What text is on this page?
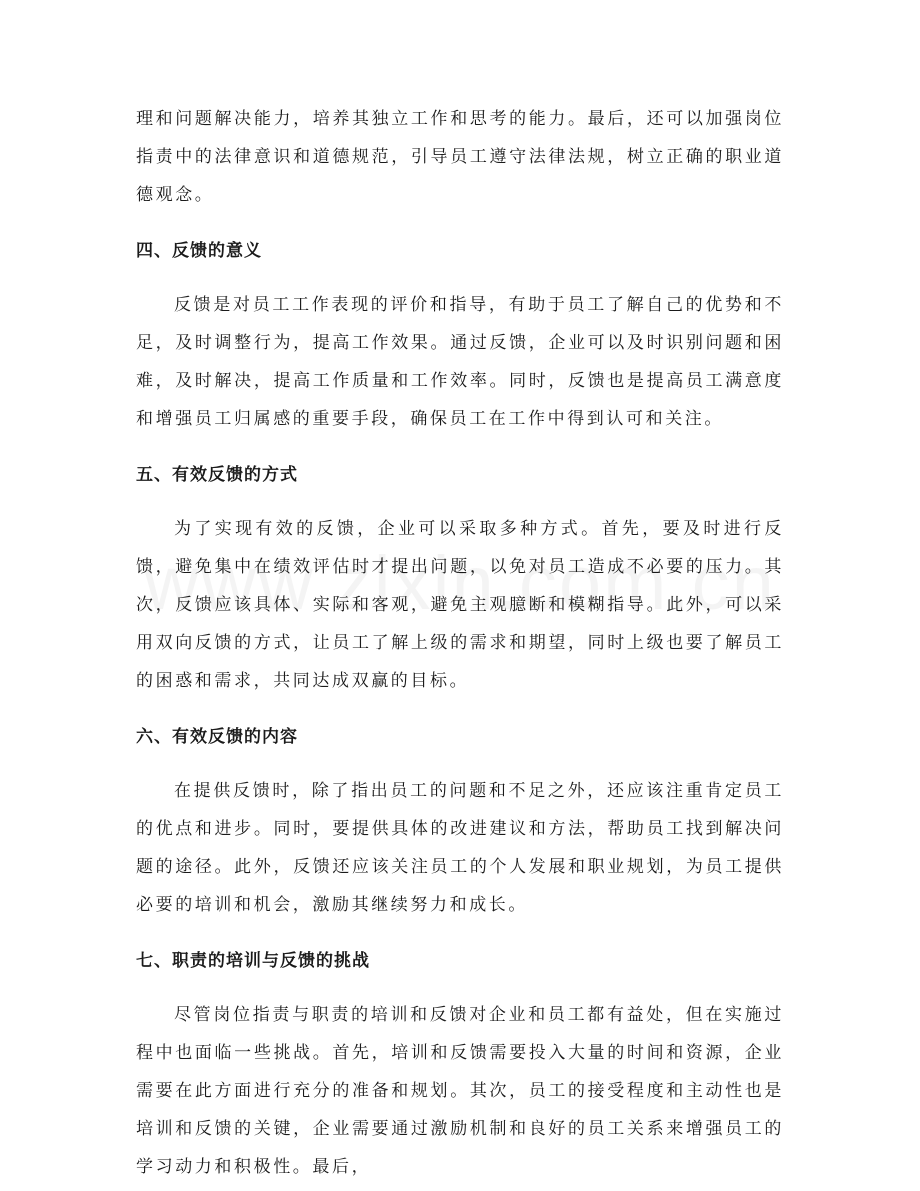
理和问题解决能力，培养其独立工作和思考的能力。最后，还可以加强岗位指责中的法律意识和道德规范，引导员工遵守法律法规，树立正确的职业道德观念。

四、反馈的意义

反馈是对员工工作表现的评价和指导，有助于员工了解自己的优势和不足，及时调整行为，提高工作效果。通过反馈，企业可以及时识别问题和困难，及时解决，提高工作质量和工作效率。同时，反馈也是提高员工满意度和增强员工归属感的重要手段，确保员工在工作中得到认可和关注。

五、有效反馈的方式

为了实现有效的反馈，企业可以采取多种方式。首先，要及时进行反馈，避免集中在绩效评估时才提出问题，以免对员工造成不必要的压力。其次，反馈应该具体、实际和客观，避免主观臆断和模糊指导。此外，可以采用双向反馈的方式，让员工了解上级的需求和期望，同时上级也要了解员工的困惑和需求，共同达成双赢的目标。

六、有效反馈的内容

在提供反馈时，除了指出员工的问题和不足之外，还应该注重肯定员工的优点和进步。同时，要提供具体的改进建议和方法，帮助员工找到解决问题的途径。此外，反馈还应该关注员工的个人发展和职业规划，为员工提供必要的培训和机会，激励其继续努力和成长。

七、职责的培训与反馈的挑战

尽管岗位指责与职责的培训和反馈对企业和员工都有益处，但在实施过程中也面临一些挑战。首先，培训和反馈需要投入大量的时间和资源，企业需要在此方面进行充分的准备和规划。其次，员工的接受程度和主动性也是培训和反馈的关键，企业需要通过激励机制和良好的员工关系来增强员工的学习动力和积极性。最后，
